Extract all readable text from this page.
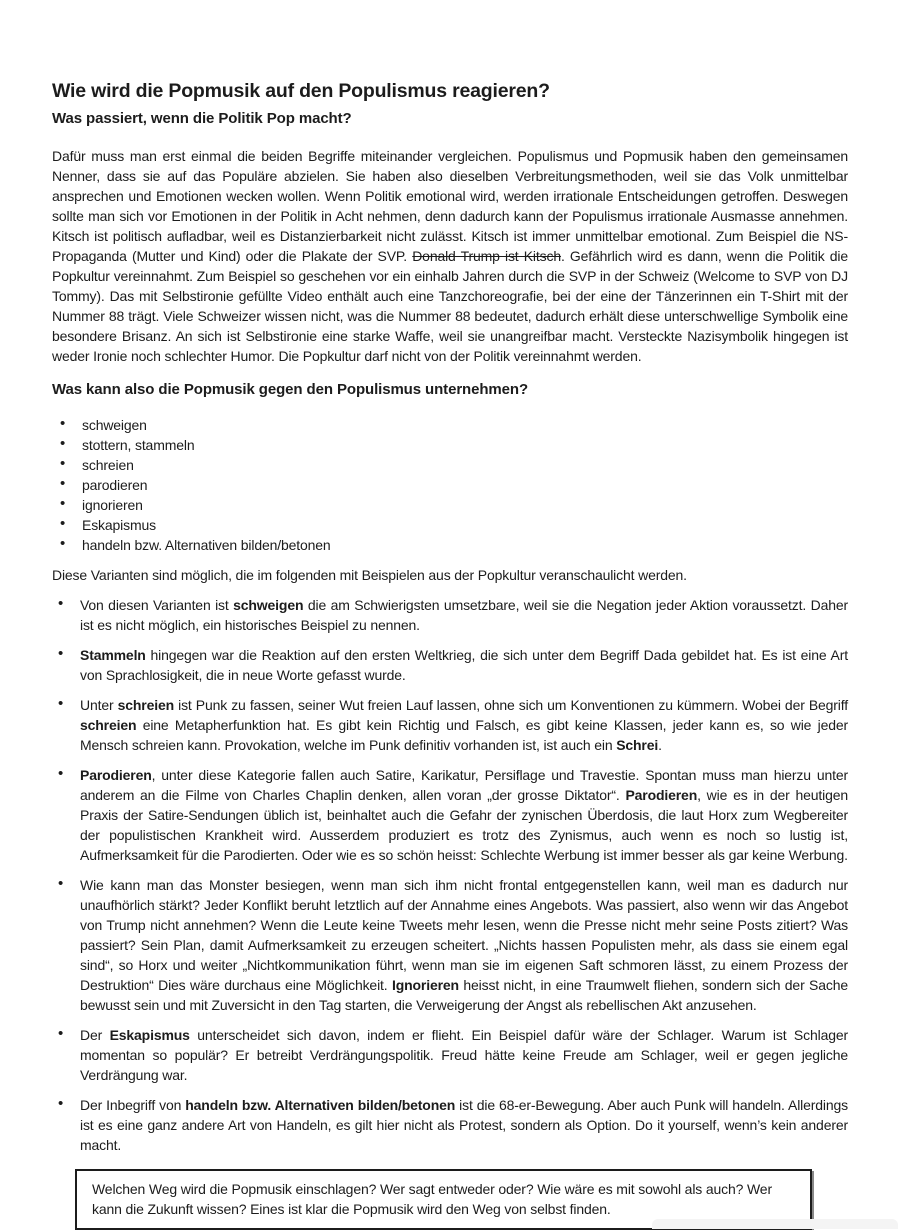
Wie wird die Popmusik auf den Populismus reagieren?
Was passiert, wenn die Politik Pop macht?

Dafür muss man erst einmal die beiden Begriffe miteinander vergleichen. Populismus und Popmusik haben den gemeinsamen Nenner, dass sie auf das Populäre abzielen. Sie haben also dieselben Verbreitungsmethoden, weil sie das Volk unmittelbar ansprechen und Emotionen wecken wollen. Wenn Politik emotional wird, werden irrationale Entscheidungen getroffen. Deswegen sollte man sich vor Emotionen in der Politik in Acht nehmen, denn dadurch kann der Populismus irrationale Ausmasse annehmen. Kitsch ist politisch aufladbar, weil es Distanzierbarkeit nicht zulässt. Kitsch ist immer unmittelbar emotional. Zum Beispiel die NS-Propaganda (Mutter und Kind) oder die Plakate der SVP. Donald Trump ist Kitsch. Gefährlich wird es dann, wenn die Politik die Popkultur vereinnahmt. Zum Beispiel so geschehen vor ein einhalb Jahren durch die SVP in der Schweiz (Welcome to SVP von DJ Tommy). Das mit Selbstironie gefüllte Video enthält auch eine Tanzchoreografie, bei der eine der Tänzerinnen ein T-Shirt mit der Nummer 88 trägt. Viele Schweizer wissen nicht, was die Nummer 88 bedeutet, dadurch erhält diese unterschwellige Symbolik eine besondere Brisanz. An sich ist Selbstironie eine starke Waffe, weil sie unangreifbar macht. Versteckte Nazisymbolik hingegen ist weder Ironie noch schlechter Humor. Die Popkultur darf nicht von der Politik vereinnahmt werden.

Was kann also die Popmusik gegen den Populismus unternehmen?
• schweigen
• stottern, stammeln
• schreien
• parodieren
• ignorieren
• Eskapismus
• handeln bzw. Alternativen bilden/betonen

Diese Varianten sind möglich, die im folgenden mit Beispielen aus der Popkultur veranschaulicht werden.

• Von diesen Varianten ist schweigen die am Schwierigsten umsetzbare, weil sie die Negation jeder Aktion voraussetzt. Daher ist es nicht möglich, ein historisches Beispiel zu nennen.
• Stammeln hingegen war die Reaktion auf den ersten Weltkrieg, die sich unter dem Begriff Dada gebildet hat. Es ist eine Art von Sprachlosigkeit, die in neue Worte gefasst wurde.
• Unter schreien ist Punk zu fassen, seiner Wut freien Lauf lassen, ohne sich um Konventionen zu kümmern. Wobei der Begriff schreien eine Metapherfunktion hat. Es gibt kein Richtig und Falsch, es gibt keine Klassen, jeder kann es, so wie jeder Mensch schreien kann. Provokation, welche im Punk definitiv vorhanden ist, ist auch ein Schrei.
• Parodieren, unter diese Kategorie fallen auch Satire, Karikatur, Persiflage und Travestie. Spontan muss man hierzu unter anderem an die Filme von Charles Chaplin denken, allen voran „der grosse Diktator“. Parodieren, wie es in der heutigen Praxis der Satire-Sendungen üblich ist, beinhaltet auch die Gefahr der zynischen Überdosis, die laut Horx zum Wegbereiter der populistischen Krankheit wird. Ausserdem produziert es trotz des Zynismus, auch wenn es noch so lustig ist, Aufmerksamkeit für die Parodierten. Oder wie es so schön heisst: Schlechte Werbung ist immer besser als gar keine Werbung.
• Wie kann man das Monster besiegen, wenn man sich ihm nicht frontal entgegenstellen kann, weil man es dadurch nur unaufhörlich stärkt? Jeder Konflikt beruht letztlich auf der Annahme eines Angebots. Was passiert, also wenn wir das Angebot von Trump nicht annehmen? Wenn die Leute keine Tweets mehr lesen, wenn die Presse nicht mehr seine Posts zitiert? Was passiert? Sein Plan, damit Aufmerksamkeit zu erzeugen scheitert. „Nichts hassen Populisten mehr, als dass sie einem egal sind“, so Horx und weiter „Nichtkommunikation führt, wenn man sie im eigenen Saft schmoren lässt, zu einem Prozess der Destruktion“ Dies wäre durchaus eine Möglichkeit. Ignorieren heisst nicht, in eine Traumwelt fliehen, sondern sich der Sache bewusst sein und mit Zuversicht in den Tag starten, die Verweigerung der Angst als rebellischen Akt anzusehen.
• Der Eskapismus unterscheidet sich davon, indem er flieht. Ein Beispiel dafür wäre der Schlager. Warum ist Schlager momentan so populär? Er betreibt Verdrängungspolitik. Freud hätte keine Freude am Schlager, weil er gegen jegliche Verdrängung war.
• Der Inbegriff von handeln bzw. Alternativen bilden/betonen ist die 68-er-Bewegung. Aber auch Punk will handeln. Allerdings ist es eine ganz andere Art von Handeln, es gilt hier nicht als Protest, sondern als Option. Do it yourself, wenn’s kein anderer macht.

Welchen Weg wird die Popmusik einschlagen? Wer sagt entweder oder? Wie wäre es mit sowohl als auch? Wer kann die Zukunft wissen? Eines ist klar die Popmusik wird den Weg von selbst finden.
